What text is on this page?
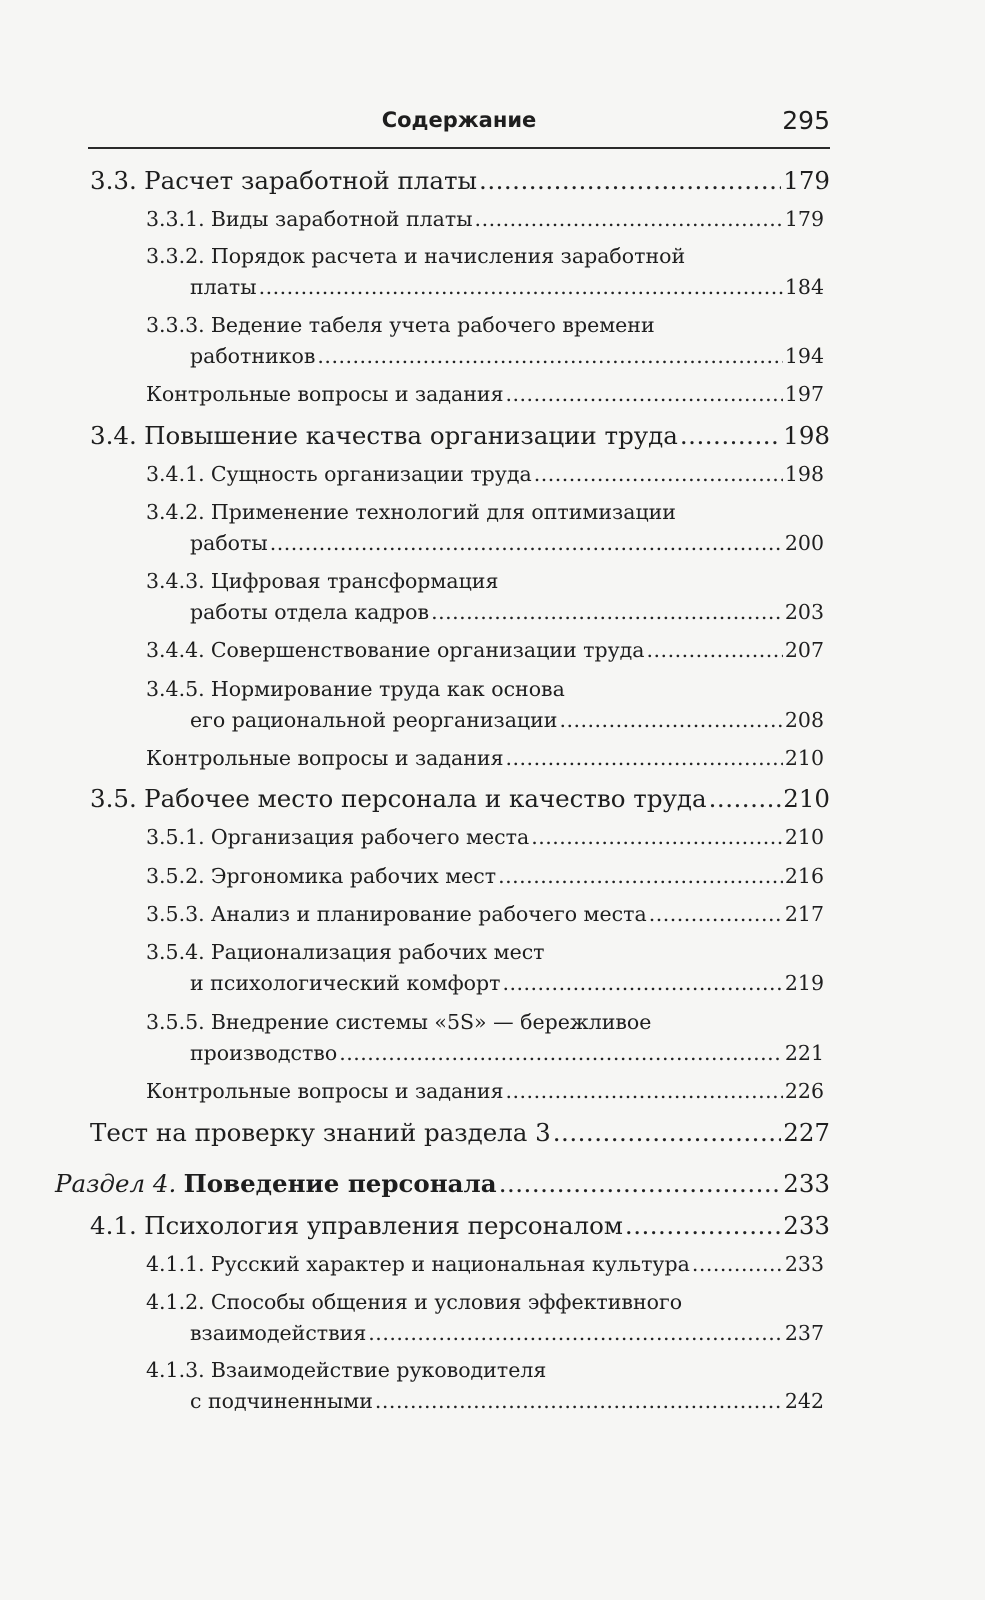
Содержание	295
3.3. Расчет заработной платы .....	179
3.3.1. Виды заработной платы .....	179
3.3.2. Порядок расчета и начисления заработной
платы .....	184
3.3.3. Ведение табеля учета рабочего времени
работников .....	194
Контрольные вопросы и задания .....	197
3.4. Повышение качества организации труда .....	198
3.4.1. Сущность организации труда .....	198
3.4.2. Применение технологий для оптимизации
работы .....	200
3.4.3. Цифровая трансформация
работы отдела кадров .....	203
3.4.4. Совершенствование организации труда .....	207
3.4.5. Нормирование труда как основа
его рациональной реорганизации .....	208
Контрольные вопросы и задания .....	210
3.5. Рабочее место персонала и качество труда .....	210
3.5.1. Организация рабочего места .....	210
3.5.2. Эргономика рабочих мест .....	216
3.5.3. Анализ и планирование рабочего места .....	217
3.5.4. Рационализация рабочих мест
и психологический комфорт .....	219
3.5.5. Внедрение системы «5S» — бережливое
производство .....	221
Контрольные вопросы и задания .....	226
Тест на проверку знаний раздела 3 .....	227
Раздел 4. Поведение персонала .....	233
4.1. Психология управления персоналом .....	233
4.1.1. Русский характер и национальная культура .....	233
4.1.2. Способы общения и условия эффективного
взаимодействия .....	237
4.1.3. Взаимодействие руководителя
с подчиненными .....	242
